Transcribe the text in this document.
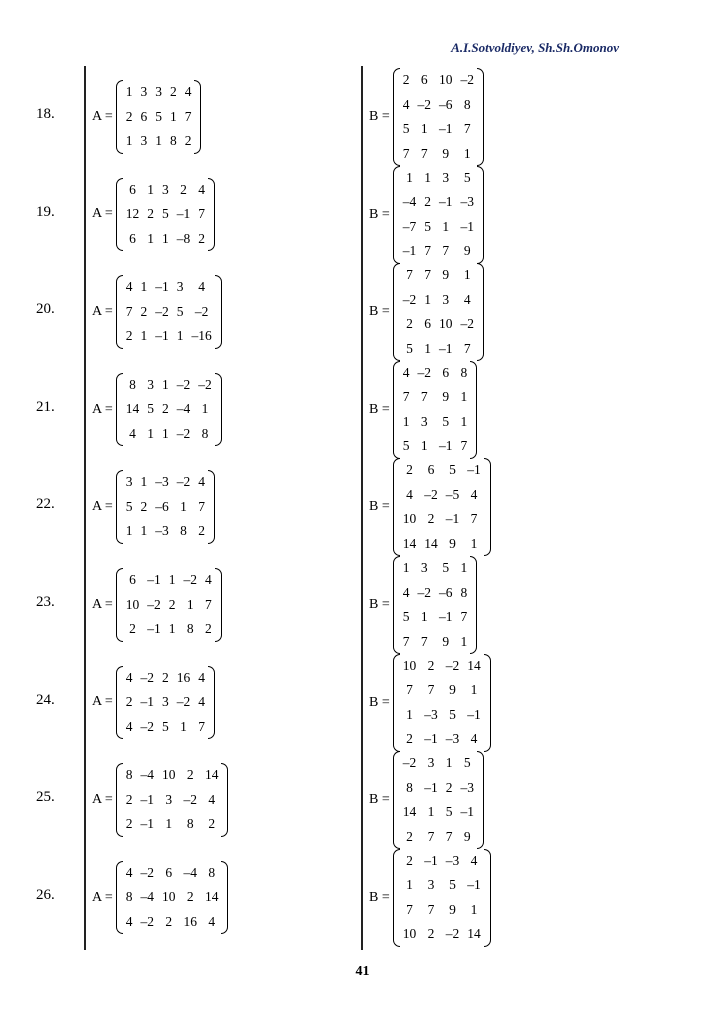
A.I.Sotvoldiyev, Sh.Sh.Omonov
18.	A =
1	3	3	2	4
2	6	5	1	7
1	3	1	8	2
B =
2	6	10	–2
4	–2	–6	8
5	1	–1	7
7	7	9	1
19.	A =
6	1	3	2	4
12	2	5	–1	7
6	1	1	–8	2
B =
1	1	3	5
–4	2	–1	–3
–7	5	1	–1
–1	7	7	9
20.	A =
4	1	–1	3	4
7	2	–2	5	–2
2	1	–1	1	–16
B =
7	7	9	1
–2	1	3	4
2	6	10	–2
5	1	–1	7
21.	A =
8	3	1	–2	–2
14	5	2	–4	1
4	1	1	–2	8
B =
4	–2	6	8
7	7	9	1
1	3	5	1
5	1	–1	7
22.	A =
3	1	–3	–2	4
5	2	–6	1	7
1	1	–3	8	2
B =
2	6	5	–1
4	–2	–5	4
10	2	–1	7
14	14	9	1
23.	A =
6	–1	1	–2	4
10	–2	2	1	7
2	–1	1	8	2
B =
1	3	5	1
4	–2	–6	8
5	1	–1	7
7	7	9	1
24.	A =
4	–2	2	16	4
2	–1	3	–2	4
4	–2	5	1	7
B =
10	2	–2	14
7	7	9	1
1	–3	5	–1
2	–1	–3	4
25.	A =
8	–4	10	2	14
2	–1	3	–2	4
2	–1	1	8	2
B =
–2	3	1	5
8	–1	2	–3
14	1	5	–1
2	7	7	9
26.	A =
4	–2	6	–4	8
8	–4	10	2	14
4	–2	2	16	4
B =
2	–1	–3	4
1	3	5	–1
7	7	9	1
10	2	–2	14
41
